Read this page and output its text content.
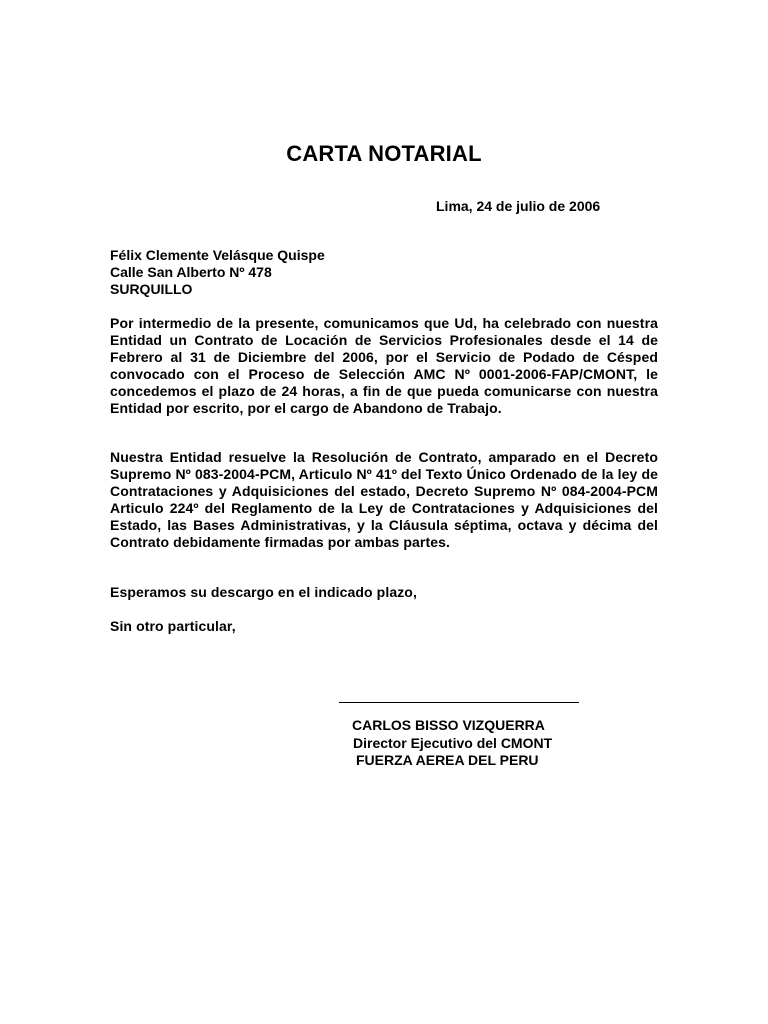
CARTA NOTARIAL
Lima, 24 de julio de 2006
Félix Clemente Velásque Quispe
Calle San Alberto Nº 478
SURQUILLO
Por intermedio de la presente, comunicamos que Ud, ha celebrado con nuestra Entidad un Contrato de Locación de Servicios Profesionales desde el 14 de Febrero al 31 de Diciembre del 2006, por el Servicio de Podado de Césped convocado con el Proceso de Selección AMC Nº 0001-2006-FAP/CMONT, le concedemos el plazo de 24 horas, a fin de que pueda comunicarse con nuestra Entidad por escrito, por el cargo de Abandono de Trabajo.
Nuestra Entidad resuelve la Resolución de Contrato, amparado en el Decreto Supremo Nº 083-2004-PCM, Articulo Nº 41º del Texto Único Ordenado de la ley de Contrataciones y Adquisiciones del estado, Decreto Supremo Nº 084-2004-PCM Articulo 224º del Reglamento de la Ley de Contrataciones y Adquisiciones del Estado, las Bases Administrativas, y la Cláusula séptima, octava y décima del Contrato debidamente firmadas por ambas partes.
Esperamos su descargo en el indicado plazo,
Sin otro particular,
CARLOS BISSO VIZQUERRA
Director Ejecutivo del CMONT
FUERZA AEREA DEL PERU
